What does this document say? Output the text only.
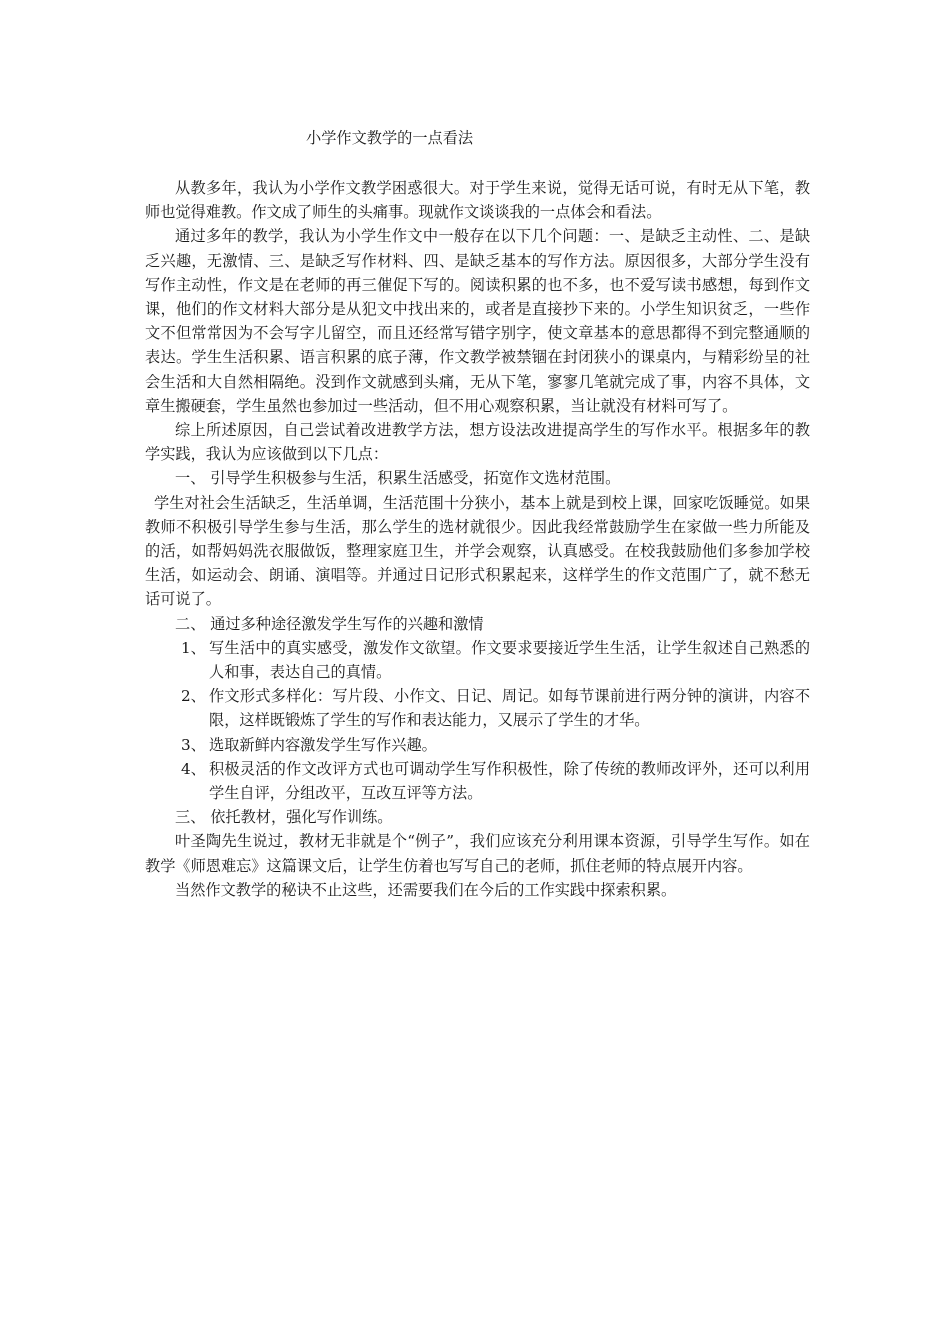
小学作文教学的一点看法

从教多年，我认为小学作文教学困惑很大。对于学生来说，觉得无话可说，有时无从下笔，教师也觉得难教。作文成了师生的头痛事。现就作文谈谈我的一点体会和看法。

通过多年的教学，我认为小学生作文中一般存在以下几个问题：一、是缺乏主动性、二、是缺乏兴趣，无激情、三、是缺乏写作材料、四、是缺乏基本的写作方法。原因很多，大部分学生没有写作主动性，作文是在老师的再三催促下写的。阅读积累的也不多，也不爱写读书感想，每到作文课，他们的作文材料大部分是从犯文中找出来的，或者是直接抄下来的。小学生知识贫乏，一些作文不但常常因为不会写字儿留空，而且还经常写错字别字，使文章基本的意思都得不到完整通顺的表达。学生生活积累、语言积累的底子薄，作文教学被禁锢在封闭狭小的课桌内，与精彩纷呈的社会生活和大自然相隔绝。没到作文就感到头痛，无从下笔，寥寥几笔就完成了事，内容不具体，文章生搬硬套，学生虽然也参加过一些活动，但不用心观察积累，当让就没有材料可写了。

综上所述原因，自己尝试着改进教学方法，想方设法改进提高学生的写作水平。根据多年的教学实践，我认为应该做到以下几点：

一、 引导学生积极参与生活，积累生活感受，拓宽作文选材范围。

学生对社会生活缺乏，生活单调，生活范围十分狭小，基本上就是到校上课，回家吃饭睡觉。如果教师不积极引导学生参与生活，那么学生的选材就很少。因此我经常鼓励学生在家做一些力所能及的活，如帮妈妈洗衣服做饭，整理家庭卫生，并学会观察，认真感受。在校我鼓励他们多参加学校生活，如运动会、朗诵、演唱等。并通过日记形式积累起来，这样学生的作文范围广了，就不愁无话可说了。

二、 通过多种途径激发学生写作的兴趣和激情

1、 写生活中的真实感受，激发作文欲望。作文要求要接近学生生活，让学生叙述自己熟悉的人和事，表达自己的真情。
2、 作文形式多样化：写片段、小作文、日记、周记。如每节课前进行两分钟的演讲，内容不限，这样既锻炼了学生的写作和表达能力，又展示了学生的才华。
3、 选取新鲜内容激发学生写作兴趣。
4、 积极灵活的作文改评方式也可调动学生写作积极性，除了传统的教师改评外，还可以利用学生自评，分组改平，互改互评等方法。

三、 依托教材，强化写作训练。

叶圣陶先生说过，教材无非就是个“例子”，我们应该充分利用课本资源，引导学生写作。如在教学《师恩难忘》这篇课文后，让学生仿着也写写自己的老师，抓住老师的特点展开内容。

当然作文教学的秘诀不止这些，还需要我们在今后的工作实践中探索积累。
